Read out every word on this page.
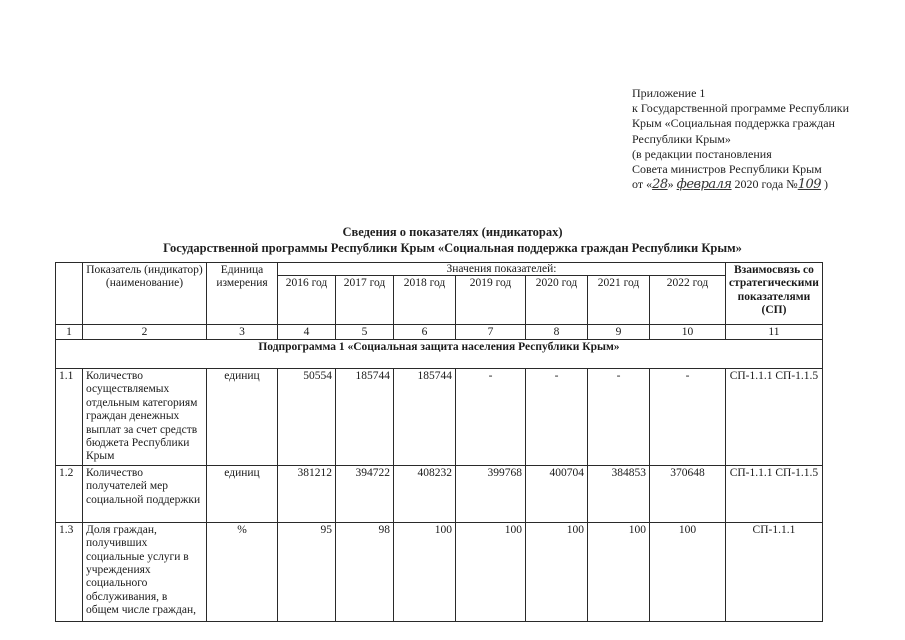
Приложение 1
к Государственной программе Республики
Крым «Социальная поддержка граждан
Республики Крым»
(в редакции постановления
Совета министров Республики Крым
от «28» февраля 2020 года №109 )
Сведения о показателях (индикаторах)
Государственной программы Республики Крым «Социальная поддержка граждан Республики Крым»
	Показатель (индикатор) (наименование)	Единица измерения	Значения показателей:							Взаимосвязь со стратегическими показателями (СП)
			2016 год	2017 год	2018 год	2019 год	2020 год	2021 год	2022 год	
1	2	3	4	5	6	7	8	9	10	11
Подпрограмма 1 «Социальная защита населения Республики Крым»										
1.1	Количество осуществляемых отдельным категориям граждан денежных выплат за счет средств бюджета Республики Крым	единиц	50554	185744	185744	-	-	-	-	СП-1.1.1 СП-1.1.5
1.2	Количество получателей мер социальной поддержки	единиц	381212	394722	408232	399768	400704	384853	370648	СП-1.1.1 СП-1.1.5
1.3	Доля граждан, получивших социальные услуги в учреждениях социального обслуживания, в общем числе граждан,	%	95	98	100	100	100	100	100	СП-1.1.1
